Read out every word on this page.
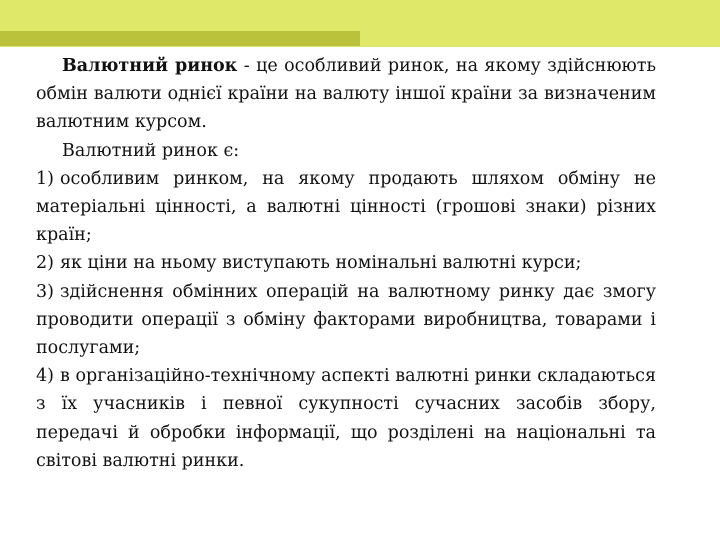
Валютний ринок - це особливий ринок, на якому здійснюють обмін валюти однієї країни на валюту іншої країни за визначеним валютним курсом.

Валютний ринок є:

1) особливим ринком, на якому продають шляхом обміну не матеріальні цінності, а валютні цінності (грошові знаки) різних країн;

2) як ціни на ньому виступають номінальні валютні курси;

3) здійснення обмінних операцій на валютному ринку дає змогу проводити операції з обміну факторами виробництва, товарами і послугами;

4) в організаційно-технічному аспекті валютні ринки складаються з їх учасників і певної сукупності сучасних засобів збору, передачі й обробки інформації, що розділені на національні та світові валютні ринки.
